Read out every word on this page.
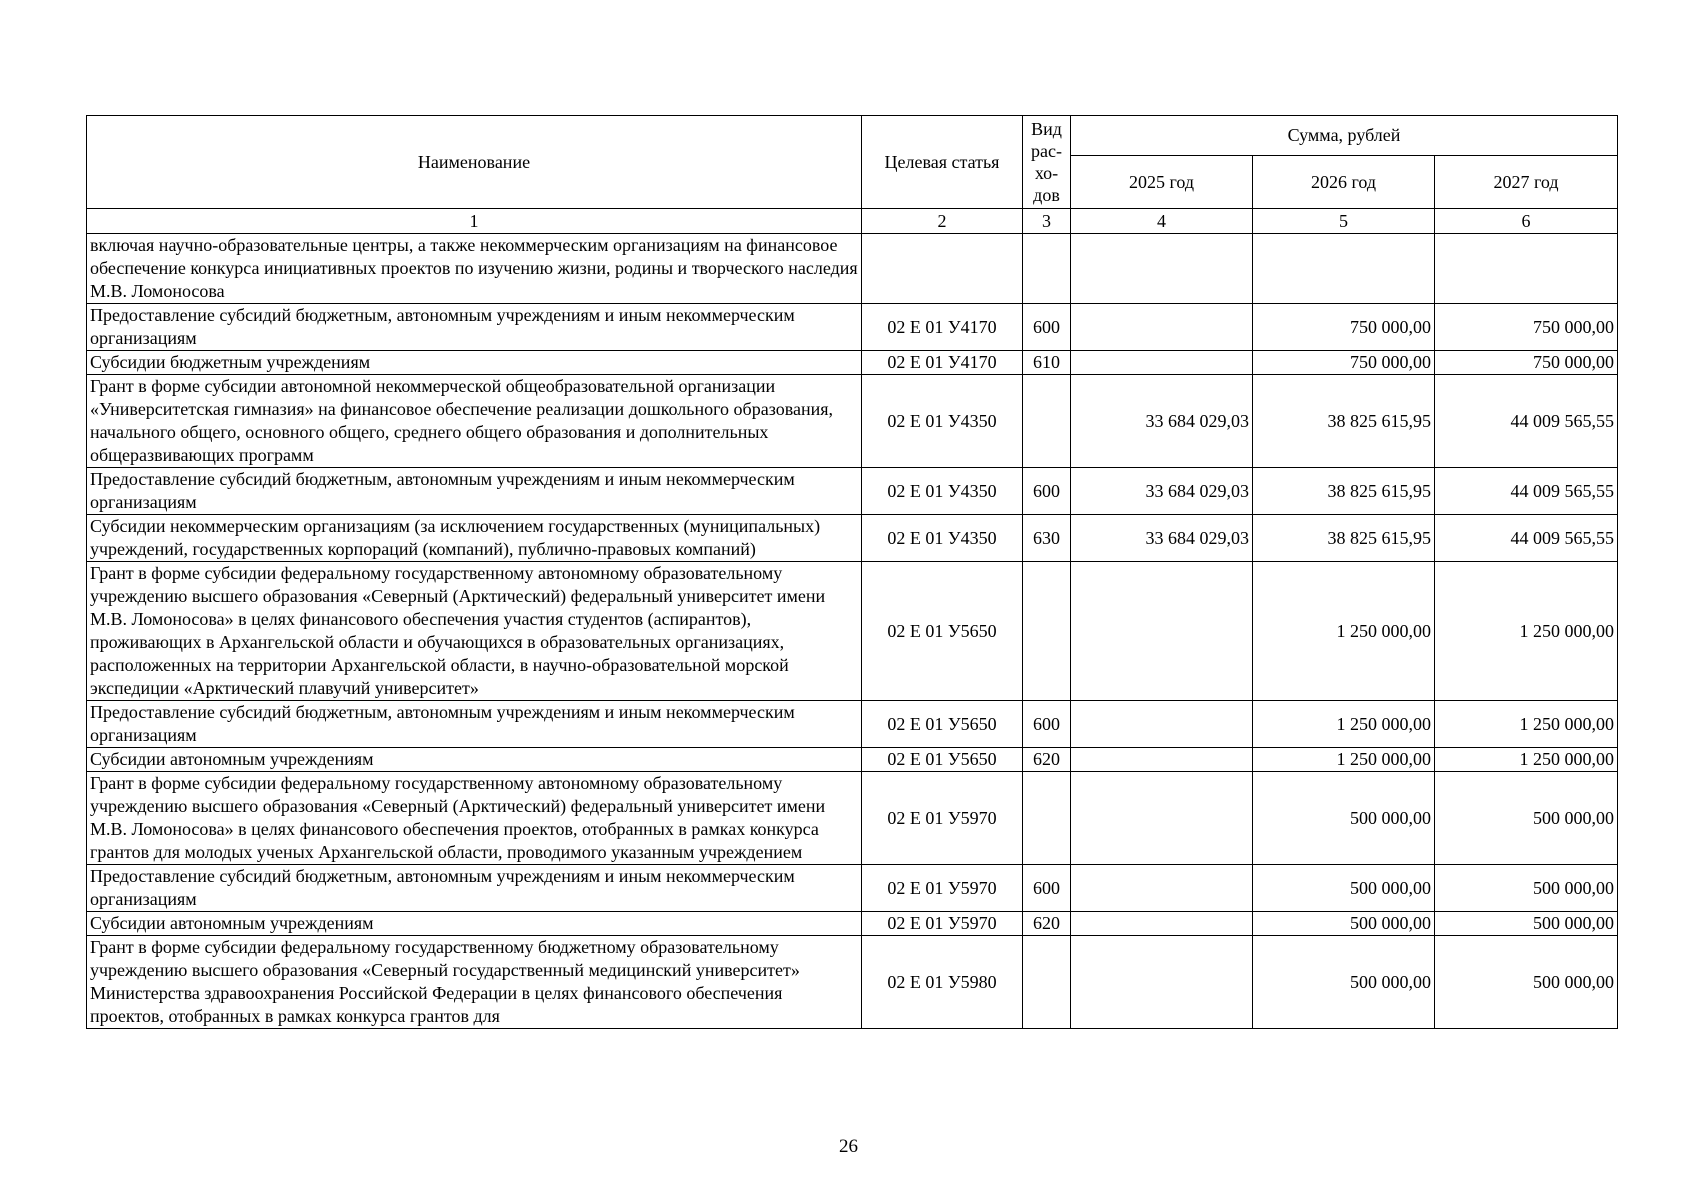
Наименование	Целевая статья	Вид рас-хо-дов	Сумма, рублей		
			2025 год	2026 год	2027 год
1	2	3	4	5	6
включая научно-образовательные центры, а также некоммерческим организациям на финансовое обеспечение конкурса инициативных проектов по изучению жизни, родины и творческого наследия М.В. Ломоносова					
Предоставление субсидий бюджетным, автономным учреждениям и иным некоммерческим организациям	02 Е 01 У4170	600		750 000,00	750 000,00
Субсидии бюджетным учреждениям	02 Е 01 У4170	610		750 000,00	750 000,00
Грант в форме субсидии автономной некоммерческой общеобразовательной организации «Университетская гимназия» на финансовое обеспечение реализации дошкольного образования, начального общего, основного общего, среднего общего образования и дополнительных общеразвивающих программ	02 Е 01 У4350		33 684 029,03	38 825 615,95	44 009 565,55
Предоставление субсидий бюджетным, автономным учреждениям и иным некоммерческим организациям	02 Е 01 У4350	600	33 684 029,03	38 825 615,95	44 009 565,55
Субсидии некоммерческим организациям (за исключением государственных (муниципальных) учреждений, государственных корпораций (компаний), публично-правовых компаний)	02 Е 01 У4350	630	33 684 029,03	38 825 615,95	44 009 565,55
Грант в форме субсидии федеральному государственному автономному образовательному учреждению высшего образования «Северный (Арктический) федеральный университет имени М.В. Ломоносова» в целях финансового обеспечения участия студентов (аспирантов), проживающих в Архангельской области и обучающихся в образовательных организациях, расположенных на территории Архангельской области, в научно-образовательной морской экспедиции «Арктический плавучий университет»	02 Е 01 У5650			1 250 000,00	1 250 000,00
Предоставление субсидий бюджетным, автономным учреждениям и иным некоммерческим организациям	02 Е 01 У5650	600		1 250 000,00	1 250 000,00
Субсидии автономным учреждениям	02 Е 01 У5650	620		1 250 000,00	1 250 000,00
Грант в форме субсидии федеральному государственному автономному образовательному учреждению высшего образования «Северный (Арктический) федеральный университет имени М.В. Ломоносова» в целях финансового обеспечения проектов, отобранных в рамках конкурса грантов для молодых ученых Архангельской области, проводимого указанным учреждением	02 Е 01 У5970			500 000,00	500 000,00
Предоставление субсидий бюджетным, автономным учреждениям и иным некоммерческим организациям	02 Е 01 У5970	600		500 000,00	500 000,00
Субсидии автономным учреждениям	02 Е 01 У5970	620		500 000,00	500 000,00
Грант в форме субсидии федеральному государственному бюджетному образовательному учреждению высшего образования «Северный государственный медицинский университет» Министерства здравоохранения Российской Федерации в целях финансового обеспечения проектов, отобранных в рамках конкурса грантов для	02 Е 01 У5980			500 000,00	500 000,00
26
